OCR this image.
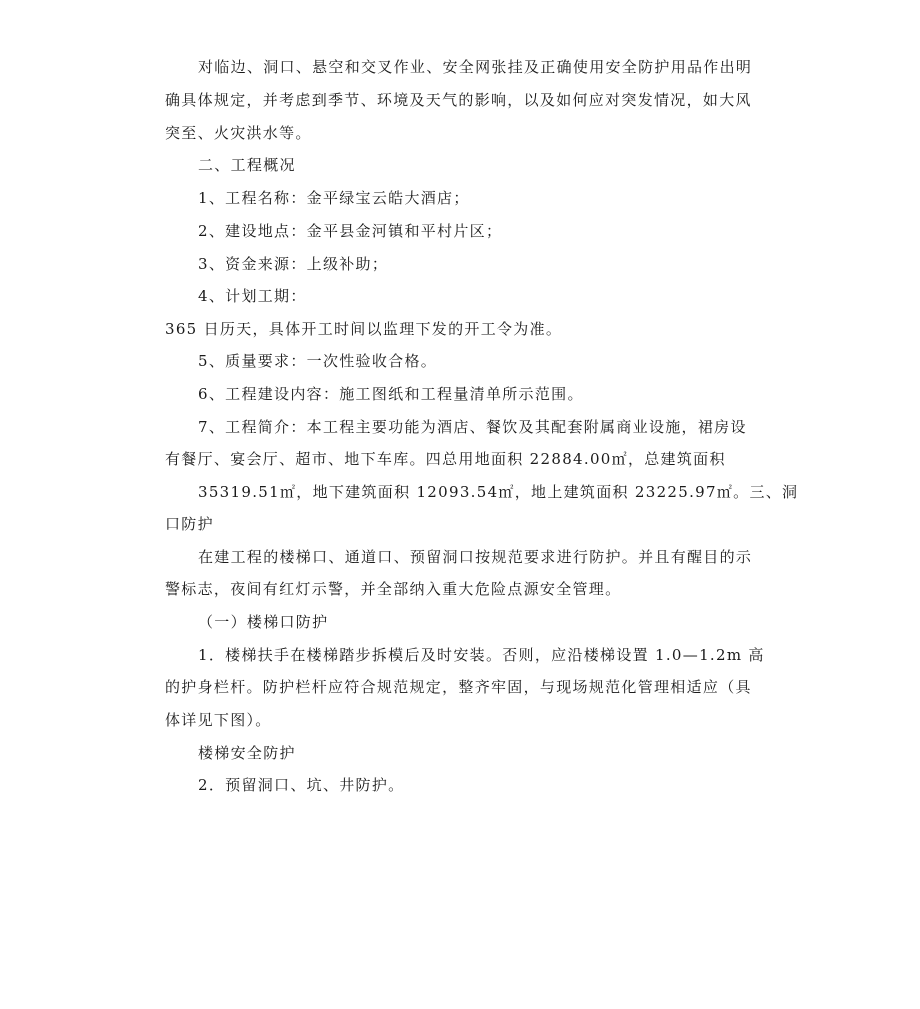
对临边、洞口、悬空和交叉作业、安全网张挂及正确使用安全防护用品作出明
确具体规定，并考虑到季节、环境及天气的影响，以及如何应对突发情况，如大风
突至、火灾洪水等。
二、工程概况
1、工程名称：金平绿宝云皓大酒店；
2、建设地点：金平县金河镇和平村片区；
3、资金来源：上级补助；
4、计划工期：
365 日历天，具体开工时间以监理下发的开工令为准。
5、质量要求：一次性验收合格。
6、工程建设内容：施工图纸和工程量清单所示范围。
7、工程简介：本工程主要功能为酒店、餐饮及其配套附属商业设施，裙房设
有餐厅、宴会厅、超市、地下车库。四总用地面积 22884.00㎡，总建筑面积
35319.51㎡，地下建筑面积 12093.54㎡，地上建筑面积 23225.97㎡。三、洞
口防护
在建工程的楼梯口、通道口、预留洞口按规范要求进行防护。并且有醒目的示
警标志，夜间有红灯示警，并全部纳入重大危险点源安全管理。
（一）楼梯口防护
1．楼梯扶手在楼梯踏步拆模后及时安装。否则，应沿楼梯设置 1.0—1.2m 高
的护身栏杆。防护栏杆应符合规范规定，整齐牢固，与现场规范化管理相适应（具
体详见下图）。
楼梯安全防护
2．预留洞口、坑、井防护。
